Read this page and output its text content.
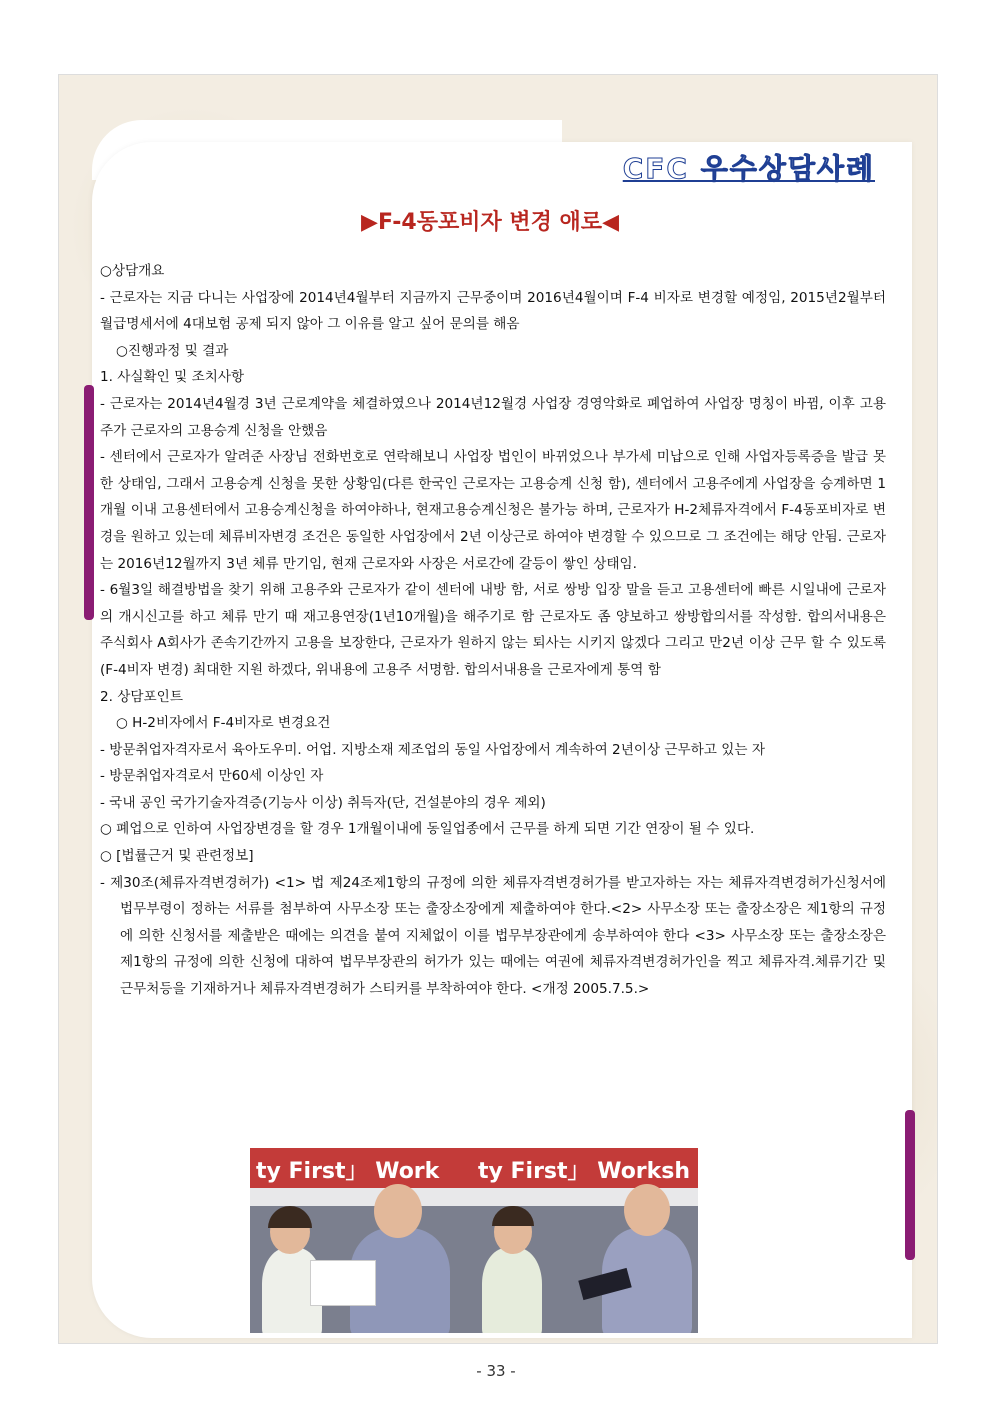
CFC 우수상담사례
▶F-4동포비자 변경 애로◀

○상담개요

- 근로자는 지금 다니는 사업장에 2014년4월부터 지금까지 근무중이며 2016년4월이며 F-4 비자로 변경할 예정임, 2015년2월부터 월급명세서에 4대보험 공제 되지 않아 그 이유를 알고 싶어 문의를 해옴

○진행과정 및 결과

1. 사실확인 및 조치사항

- 근로자는 2014년4월경 3년 근로계약을 체결하였으나 2014년12월경 사업장 경영악화로 폐업하여 사업장 명칭이 바뀜, 이후 고용주가 근로자의 고용승계 신청을 안했음

- 센터에서 근로자가 알려준 사장님 전화번호로 연락해보니 사업장 법인이 바뀌었으나 부가세 미납으로 인해 사업자등록증을 발급 못 한 상태임, 그래서 고용승계 신청을 못한 상황임(다른 한국인 근로자는 고용승계 신청 함), 센터에서 고용주에게 사업장을 승계하면 1개월 이내 고용센터에서 고용승계신청을 하여야하나, 현재고용승계신청은 불가능 하며, 근로자가 H-2체류자격에서 F-4동포비자로 변경을 원하고 있는데 체류비자변경 조건은 동일한 사업장에서 2년 이상근로 하여야 변경할 수 있으므로 그 조건에는 해당 안됨. 근로자는 2016년12월까지 3년 체류 만기임, 현재 근로자와 사장은 서로간에 갈등이 쌓인 상태임.

- 6월3일 해결방법을 찾기 위해 고용주와 근로자가 같이 센터에 내방 함, 서로 쌍방 입장 말을 듣고 고용센터에 빠른 시일내에 근로자의 개시신고를 하고 체류 만기 때 재고용연장(1년10개월)을 해주기로 함 근로자도 좀 양보하고 쌍방합의서를 작성함. 합의서내용은 주식회사 A회사가 존속기간까지 고용을 보장한다, 근로자가 원하지 않는 퇴사는 시키지 않겠다 그리고 만2년 이상 근무 할 수 있도록 (F-4비자 변경) 최대한 지원 하겠다, 위내용에 고용주 서명함. 합의서내용을 근로자에게 통역 함

2. 상담포인트

○ H-2비자에서 F-4비자로 변경요건

- 방문취업자격자로서 육아도우미. 어업. 지방소재 제조업의 동일 사업장에서 계속하여 2년이상 근무하고 있는 자

- 방문취업자격로서 만60세 이상인 자

- 국내 공인 국가기술자격증(기능사 이상) 취득자(단, 건설분야의 경우 제외)

○ 폐업으로 인하여 사업장변경을 할 경우 1개월이내에 동일업종에서 근무를 하게 되면 기간 연장이 될 수 있다.

○ [법률근거 및 관련정보]

- 제30조(체류자격변경허가) <1> 법 제24조제1항의 규정에 의한 체류자격변경허가를 받고자하는 자는 체류자격변경허가신청서에 법무부령이 정하는 서류를 첨부하여 사무소장 또는 출장소장에게 제출하여야 한다.<2> 사무소장 또는 출장소장은 제1항의 규정에 의한 신청서를 제출받은 때에는 의견을 붙여 지체없이 이를 법무부장관에게 송부하여야 한다 <3> 사무소장 또는 출장소장은 제1항의 규정에 의한 신청에 대하여 법무부장관의 허가가 있는 때에는 여권에 체류자격변경허가인을 찍고 체류자격.체류기간 및 근무처등을 기재하거나 체류자격변경허가 스티커를 부착하여야 한다. <개정 2005.7.5.>

ty First」 Work ty First」 Worksh
- 33 -
